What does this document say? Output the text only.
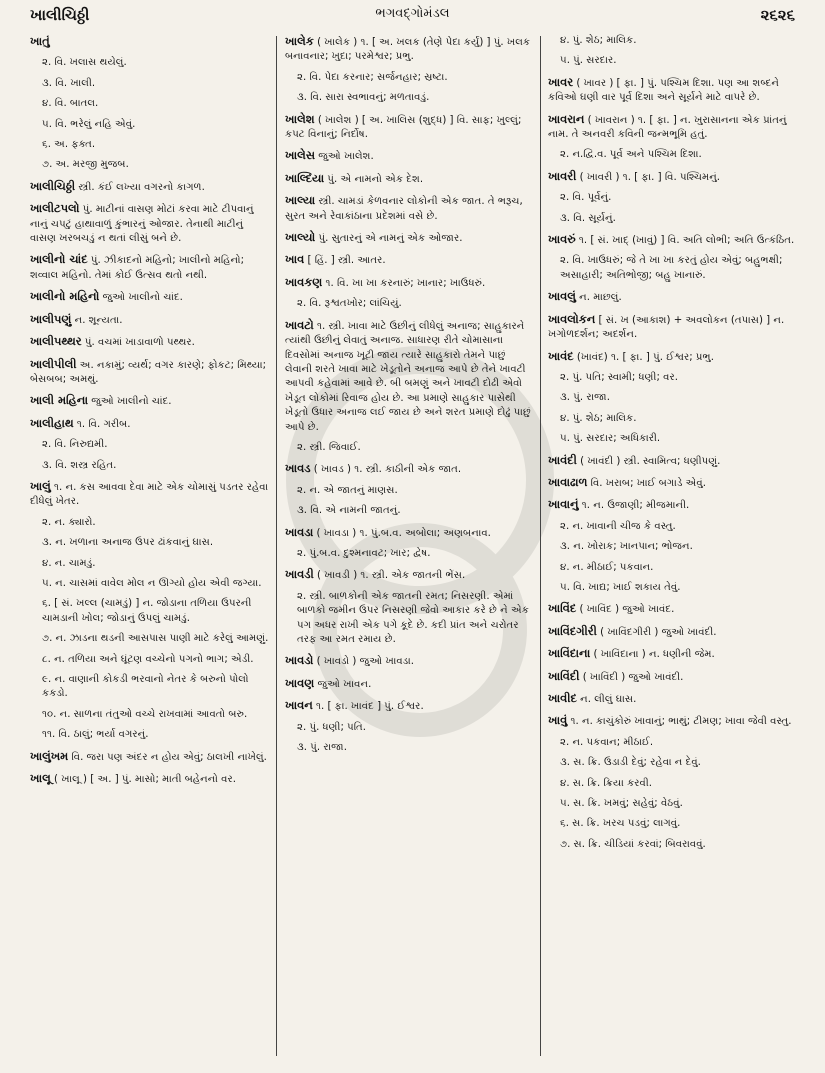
ખાલીચિઠ્ઠી	ભગવદ્ગોમંડલ	૨૬૨૬
ખાતું
૨. વિ. ખલાસ થયેલું.
૩. વિ. ખાલી.
૪. વિ. બાતલ.
૫. વિ. ભરેલું નહિ એવું.
૬. અ. ફક્ત.
૭. અ. મરજી મુજબ.
ખાલીચિઠ્ઠી સ્ત્રી. કંઈ લખ્યા વગરનો કાગળ.
ખાલીટપલો પું. માટીનાં વાસણ મોટાં કરવા માટે ટીપવાનું નાનું ચપટું હાથાવાળું કુંભારનું ઓજાર. તેનાથી માટીનું વાસણ ખરબચડું ન થતાં લીસું બને છે.
ખાલીનો ચાંદ પું. ઝીકાદનો મહિનો; ખાલીનો મહિનો; શવ્વાલ મહિનો. તેમાં કોઈ ઉત્સવ થતો નથી.
ખાલીનો મહિનો જુઓ ખાલીનો ચાંદ.
ખાલીપણું ન. શૂન્યતા.
ખાલીપથ્થર પું. વચમાં ખાડાવાળો પથ્થર.
ખાલીપીલી અ. નકામું; વ્યર્થ; વગર કારણે; ફોકટ; મિથ્યા; બેસબબ; અમથું.
ખાલી મહિના જુઓ ખાલીનો ચાંદ.
ખાલીહાથ ૧. વિ. ગરીબ.
૨. વિ. નિરુદ્યમી.
૩. વિ. શસ્ત્ર રહિત.
ખાલું ૧. ન. કસ આવવા દેવા માટે એક ચોમાસું પડતર રહેવા દીધેલું ખેતર.
૨. ન. ક્યારો.
૩. ન. ખળાના અનાજ ઉપર ઢાંકવાનું ઘાસ.
૪. ન. ચામડું.
૫. ન. ચાસમાં વાવેલ મોલ ન ઊગ્યો હોય એવી જગ્યા.
૬. [ સં. ખલ્લ (ચામડું) ] ન. જોડાના તળિયા ઉપરની ચામડાની ખોલ; જોડાનું ઉપલું ચામડું.
૭. ન. ઝાડના થડની આસપાસ પાણી માટે કરેલું આમણું.
૮. ન. તળિયા અને ઘૂંટણ વચ્ચેનો પગનો ભાગ; એડી.
૯. ન. વાણાની કોકડી ભરવાનો નેતર કે બરુનો પોલો કકડો.
૧૦. ન. સાળના તંતુઓ વચ્ચે રાખવામાં આવતો બરુ.
૧૧. વિ. ઠાલું; ભર્યા વગરનું.
ખાલુંખમ વિ. જરા પણ અંદર ન હોય એવું; ઠાલખી નાખેલું.
ખાલૂ ( ખાલૂ ) [ અ. ] પું. માસો; માતી બહેનનો વર.
ખાલેક ( ખાલેક ) ૧. [ અ. ખલક (તેણે પેદા કર્યું) ] પું. ખલક બનાવનાર; ખુદા; પરમેશ્વર; પ્રભુ.
૨. વિ. પેદા કરનાર; સર્જનહાર; સ્રષ્ટા.
૩. વિ. સારા સ્વભાવનું; મળતાવડું.
ખાલેશ ( ખાલેશ ) [ અ. ખાલિસ (શુદ્ધ) ] વિ. સાફ; ખુલ્લું; કપટ વિનાનું; નિર્દોષ.
ખાલેસ જુઓ ખાલેશ.
ખાલ્દિયા પું. એ નામનો એક દેશ.
ખાલ્યા સ્ત્રી. ચામડાં કેળવનાર લોકોની એક જાત. તે ભરૂચ, સુરત અને રેવાકાંઠાના પ્રદેશમાં વસે છે.
ખાલ્યો પું. સુતારનું એ નામનું એક ઓજાર.
ખાવ [ હિં. ] સ્ત્રી. આતર.
ખાવકણ ૧. વિ. ખા ખા કરનારું; ખાનાર; ખાઉધરું.
૨. વિ. રૂશ્વતખોર; લાંચિયું.
ખાવટો ૧. સ્ત્રી. ખાવા માટે ઉછીનું લીધેલું અનાજ; સાહુકારને ત્યાંથી ઉછીનું લેવાતું અનાજ. સાધારણ રીતે ચોમાસાના દિવસોમાં અનાજ ખૂટી જાય ત્યારે સાહુકારો તેમને પાછું લેવાની શરતે ખાવા માટે ખેડૂતોને અનાજ આપે છે તેને ખાવટી આપવી કહેવામાં આવે છે. બી બમણું અને ખાવટી દોઢી એવો ખેડૂત લોકોમાં રિવાજ હોય છે. આ પ્રમાણે સાહુકાર પાસેથી ખેડૂતો ઉધાર અનાજ લઈ જાય છે અને શરત પ્રમાણે દોઢું પાછું આપે છે.
૨. સ્ત્રી. જિવાઈ.
ખાવડ ( ખાવડ ) ૧. સ્ત્રી. કાઠીની એક જાત.
૨. ન. એ જાતનું માણસ.
૩. વિ. એ નામની જાતનું.
ખાવડા ( ખાવડા ) ૧. પું.બ.વ. અબોલા; અણબનાવ.
૨. પું.બ.વ. દુશ્મનાવટ; ખાર; દ્વેષ.
ખાવડી ( ખાવડી ) ૧. સ્ત્રી. એક જાતની ભેંસ.
૨. સ્ત્રી. બાળકોની એક જાતની રમત; નિસરણી. એમાં બાળકો જમીન ઉપર નિસરણી જેવો આકાર કરે છે ને એક પગ અધર રાખી એક પગે કૂદે છે. કદી પ્રાંત અને ચરોતર તરફ આ રમત રમાય છે.
ખાવડો ( ખાવડો ) જુઓ ખાવડા.
ખાવણ જુઓ ખાવન.
ખાવન ૧. [ ફા. ખાવંદ ] પું. ઈશ્વર.
૨. પું. ધણી; પતિ.
૩. પું. રાજા.
૪. પું. શેઠ; માલિક.
૫. પું. સરદાર.
ખાવર ( ખાવર ) [ ફા. ] પું. પશ્ચિમ દિશા. પણ આ શબ્દને કવિઓ ઘણી વાર પૂર્વ દિશા અને સૂર્યને માટે વાપરે છે.
ખાવરાન ( ખાવરાન ) ૧. [ ફા. ] ન. ખુરાસાનના એક પ્રાંતનું નામ. તે અનવરી કવિની જન્મભૂમિ હતું.
૨. ન.દ્વિ.વ. પૂર્વ અને પશ્ચિમ દિશા.
ખાવરી ( ખાવરી ) ૧. [ ફા. ] વિ. પશ્ચિમનું.
૨. વિ. પૂર્વનું.
૩. વિ. સૂર્યનું.
ખાવરું ૧. [ સં. ખાદ્ (ખાવું) ] વિ. અતિ લોભી; અતિ ઉત્કંઠિત.
૨. વિ. ખાઉધરું; જે તે ખા ખા કરતું હોય એવું; બહુભક્ષી; અસાહારી; અતિભોજી; બહુ ખાનારું.
ખાવલું ન. માછલું.
ખાવલોકન [ સં. ખ (આકાશ) + અવલોકન (તપાસ) ] ન. ખગોળદર્શન; અદર્શન.
ખાવંદ (ખાવંદ) ૧. [ ફા. ] પું. ઈશ્વર; પ્રભુ.
૨. પું. પતિ; સ્વામી; ધણી; વર.
૩. પું. રાજા.
૪. પું. શેઠ; માલિક.
૫. પું. સરદાર; અધિકારી.
ખાવંદી ( ખાવંદી ) સ્ત્રી. સ્વામિત્વ; ધણીપણું.
ખાવાઢાળ વિ. ખરાબ; ખાઈ બગાડે એવું.
ખાવાનું ૧. ન. ઉજાણી; મીજમાની.
૨. ન. ખાવાની ચીજ કે વસ્તુ.
૩. ન. ખોરાક; ખાનપાન; ભોજન.
૪. ન. મીઠાઈ; પકવાન.
૫. વિ. ખાદ્ય; ખાઈ શકાય તેવું.
ખાવિંદ ( ખાવિંદ ) જુઓ ખાવંદ.
ખાવિંદગીરી ( ખાવિંદગીરી ) જુઓ ખાવંદી.
ખાવિંદાના ( ખાવિંદાના ) ન. ધણીની જેમ.
ખાવિંદી ( ખાવિંદી ) જુઓ ખાવંદી.
ખાવીદ ન. લીલું ઘાસ.
ખાવું ૧. ન. કાચુંકોરું ખાવાનું; ભાથું; ટીમણ; ખાવા જેવી વસ્તુ.
૨. ન. પકવાન; મીઠાઈ.
૩. સ. ક્રિ. ઉડાડી દેવું; રહેવા ન દેવું.
૪. સ. ક્રિ. ક્રિયા કરવી.
૫. સ. ક્રિ. ખમવું; સહેવું; વેઠવું.
૬. સ. ક્રિ. ખરચ પડવું; લાગવું.
૭. સ. ક્રિ. ચીડિયાં કરવાં; બિવરાવવું.
